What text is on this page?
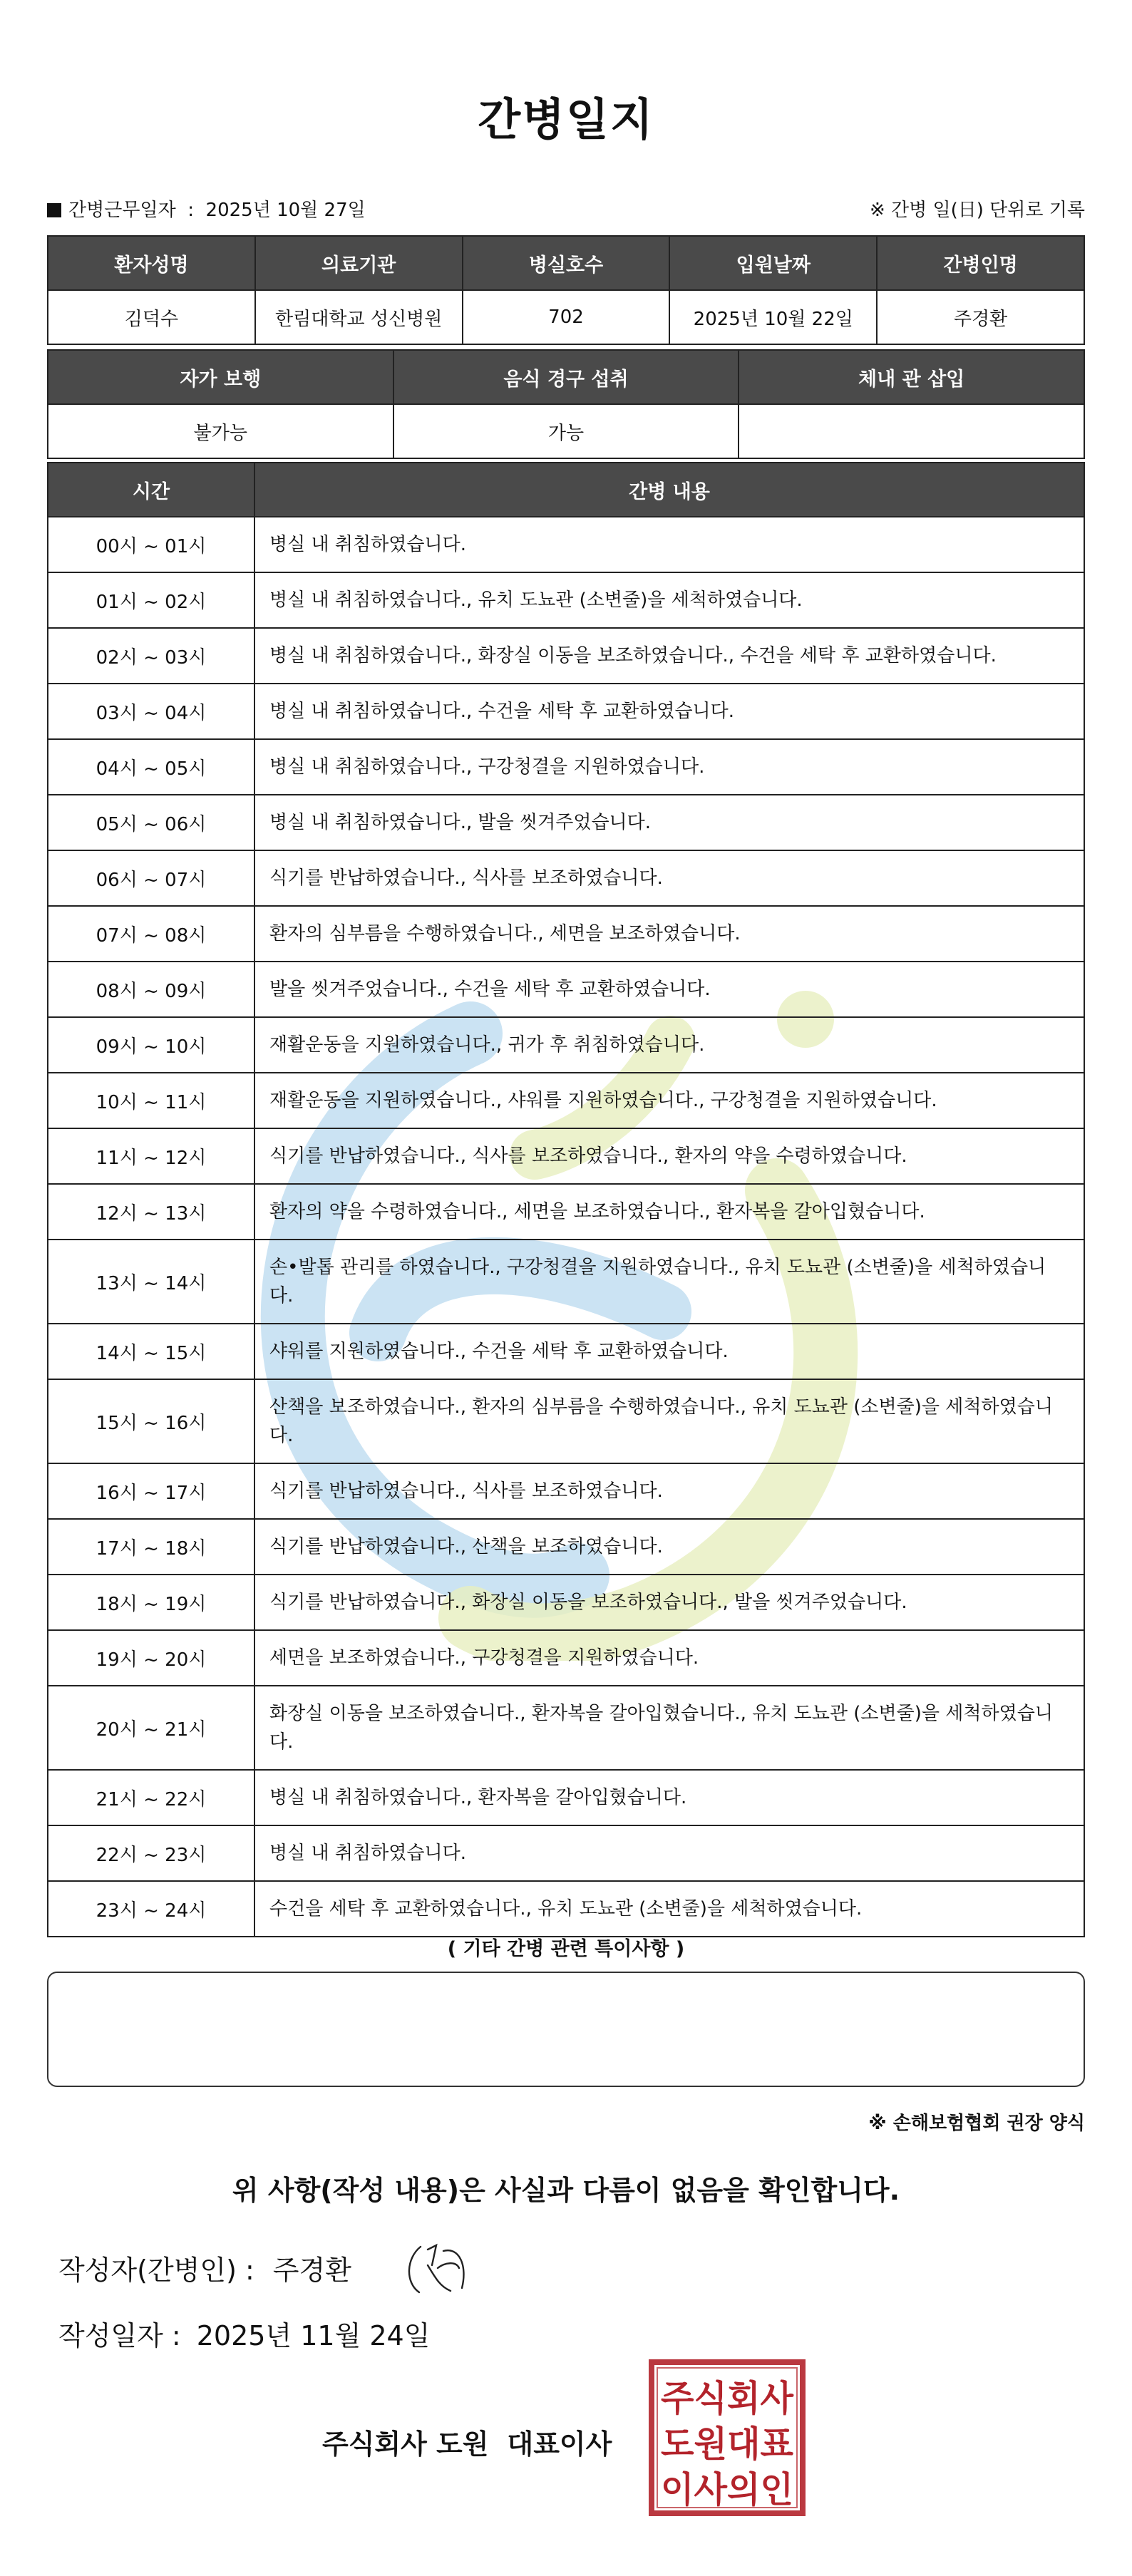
간병일지
간병근무일자  :  2025년 10월 27일	※ 간병 일(日) 단위로 기록
환자성명	의료기관	병실호수	입원날짜	간병인명
김덕수	한림대학교 성신병원	702	2025년 10월 22일	주경환
자가 보행	음식 경구 섭취	체내 관 삽입
불가능	가능	
시간	간병 내용
00시 ~ 01시	병실 내 취침하였습니다.
01시 ~ 02시	병실 내 취침하였습니다., 유치 도뇨관 (소변줄)을 세척하였습니다.
02시 ~ 03시	병실 내 취침하였습니다., 화장실 이동을 보조하였습니다., 수건을 세탁 후 교환하였습니다.
03시 ~ 04시	병실 내 취침하였습니다., 수건을 세탁 후 교환하였습니다.
04시 ~ 05시	병실 내 취침하였습니다., 구강청결을 지원하였습니다.
05시 ~ 06시	병실 내 취침하였습니다., 발을 씻겨주었습니다.
06시 ~ 07시	식기를 반납하였습니다., 식사를 보조하였습니다.
07시 ~ 08시	환자의 심부름을 수행하였습니다., 세면을 보조하였습니다.
08시 ~ 09시	발을 씻겨주었습니다., 수건을 세탁 후 교환하였습니다.
09시 ~ 10시	재활운동을 지원하였습니다., 귀가 후 취침하였습니다.
10시 ~ 11시	재활운동을 지원하였습니다., 샤워를 지원하였습니다., 구강청결을 지원하였습니다.
11시 ~ 12시	식기를 반납하였습니다., 식사를 보조하였습니다., 환자의 약을 수령하였습니다.
12시 ~ 13시	환자의 약을 수령하였습니다., 세면을 보조하였습니다., 환자복을 갈아입혔습니다.
13시 ~ 14시	손•발톱 관리를 하였습니다., 구강청결을 지원하였습니다., 유치 도뇨관 (소변줄)을 세척하였습니다.
14시 ~ 15시	샤워를 지원하였습니다., 수건을 세탁 후 교환하였습니다.
15시 ~ 16시	산책을 보조하였습니다., 환자의 심부름을 수행하였습니다., 유치 도뇨관 (소변줄)을 세척하였습니다.
16시 ~ 17시	식기를 반납하였습니다., 식사를 보조하였습니다.
17시 ~ 18시	식기를 반납하였습니다., 산책을 보조하였습니다.
18시 ~ 19시	식기를 반납하였습니다., 화장실 이동을 보조하였습니다., 발을 씻겨주었습니다.
19시 ~ 20시	세면을 보조하였습니다., 구강청결을 지원하였습니다.
20시 ~ 21시	화장실 이동을 보조하였습니다., 환자복을 갈아입혔습니다., 유치 도뇨관 (소변줄)을 세척하였습니다.
21시 ~ 22시	병실 내 취침하였습니다., 환자복을 갈아입혔습니다.
22시 ~ 23시	병실 내 취침하였습니다.
23시 ~ 24시	수건을 세탁 후 교환하였습니다., 유치 도뇨관 (소변줄)을 세척하였습니다.
( 기타 간병 관련 특이사항 )
※ 손해보험협회 권장 양식
위 사항(작성 내용)은 사실과 다름이 없음을 확인합니다.
작성자(간병인) : 주경환
작성일자 : 2025년 11월 24일
주식회사 도원 대표이사
주식회사
도원대표
이사의인
